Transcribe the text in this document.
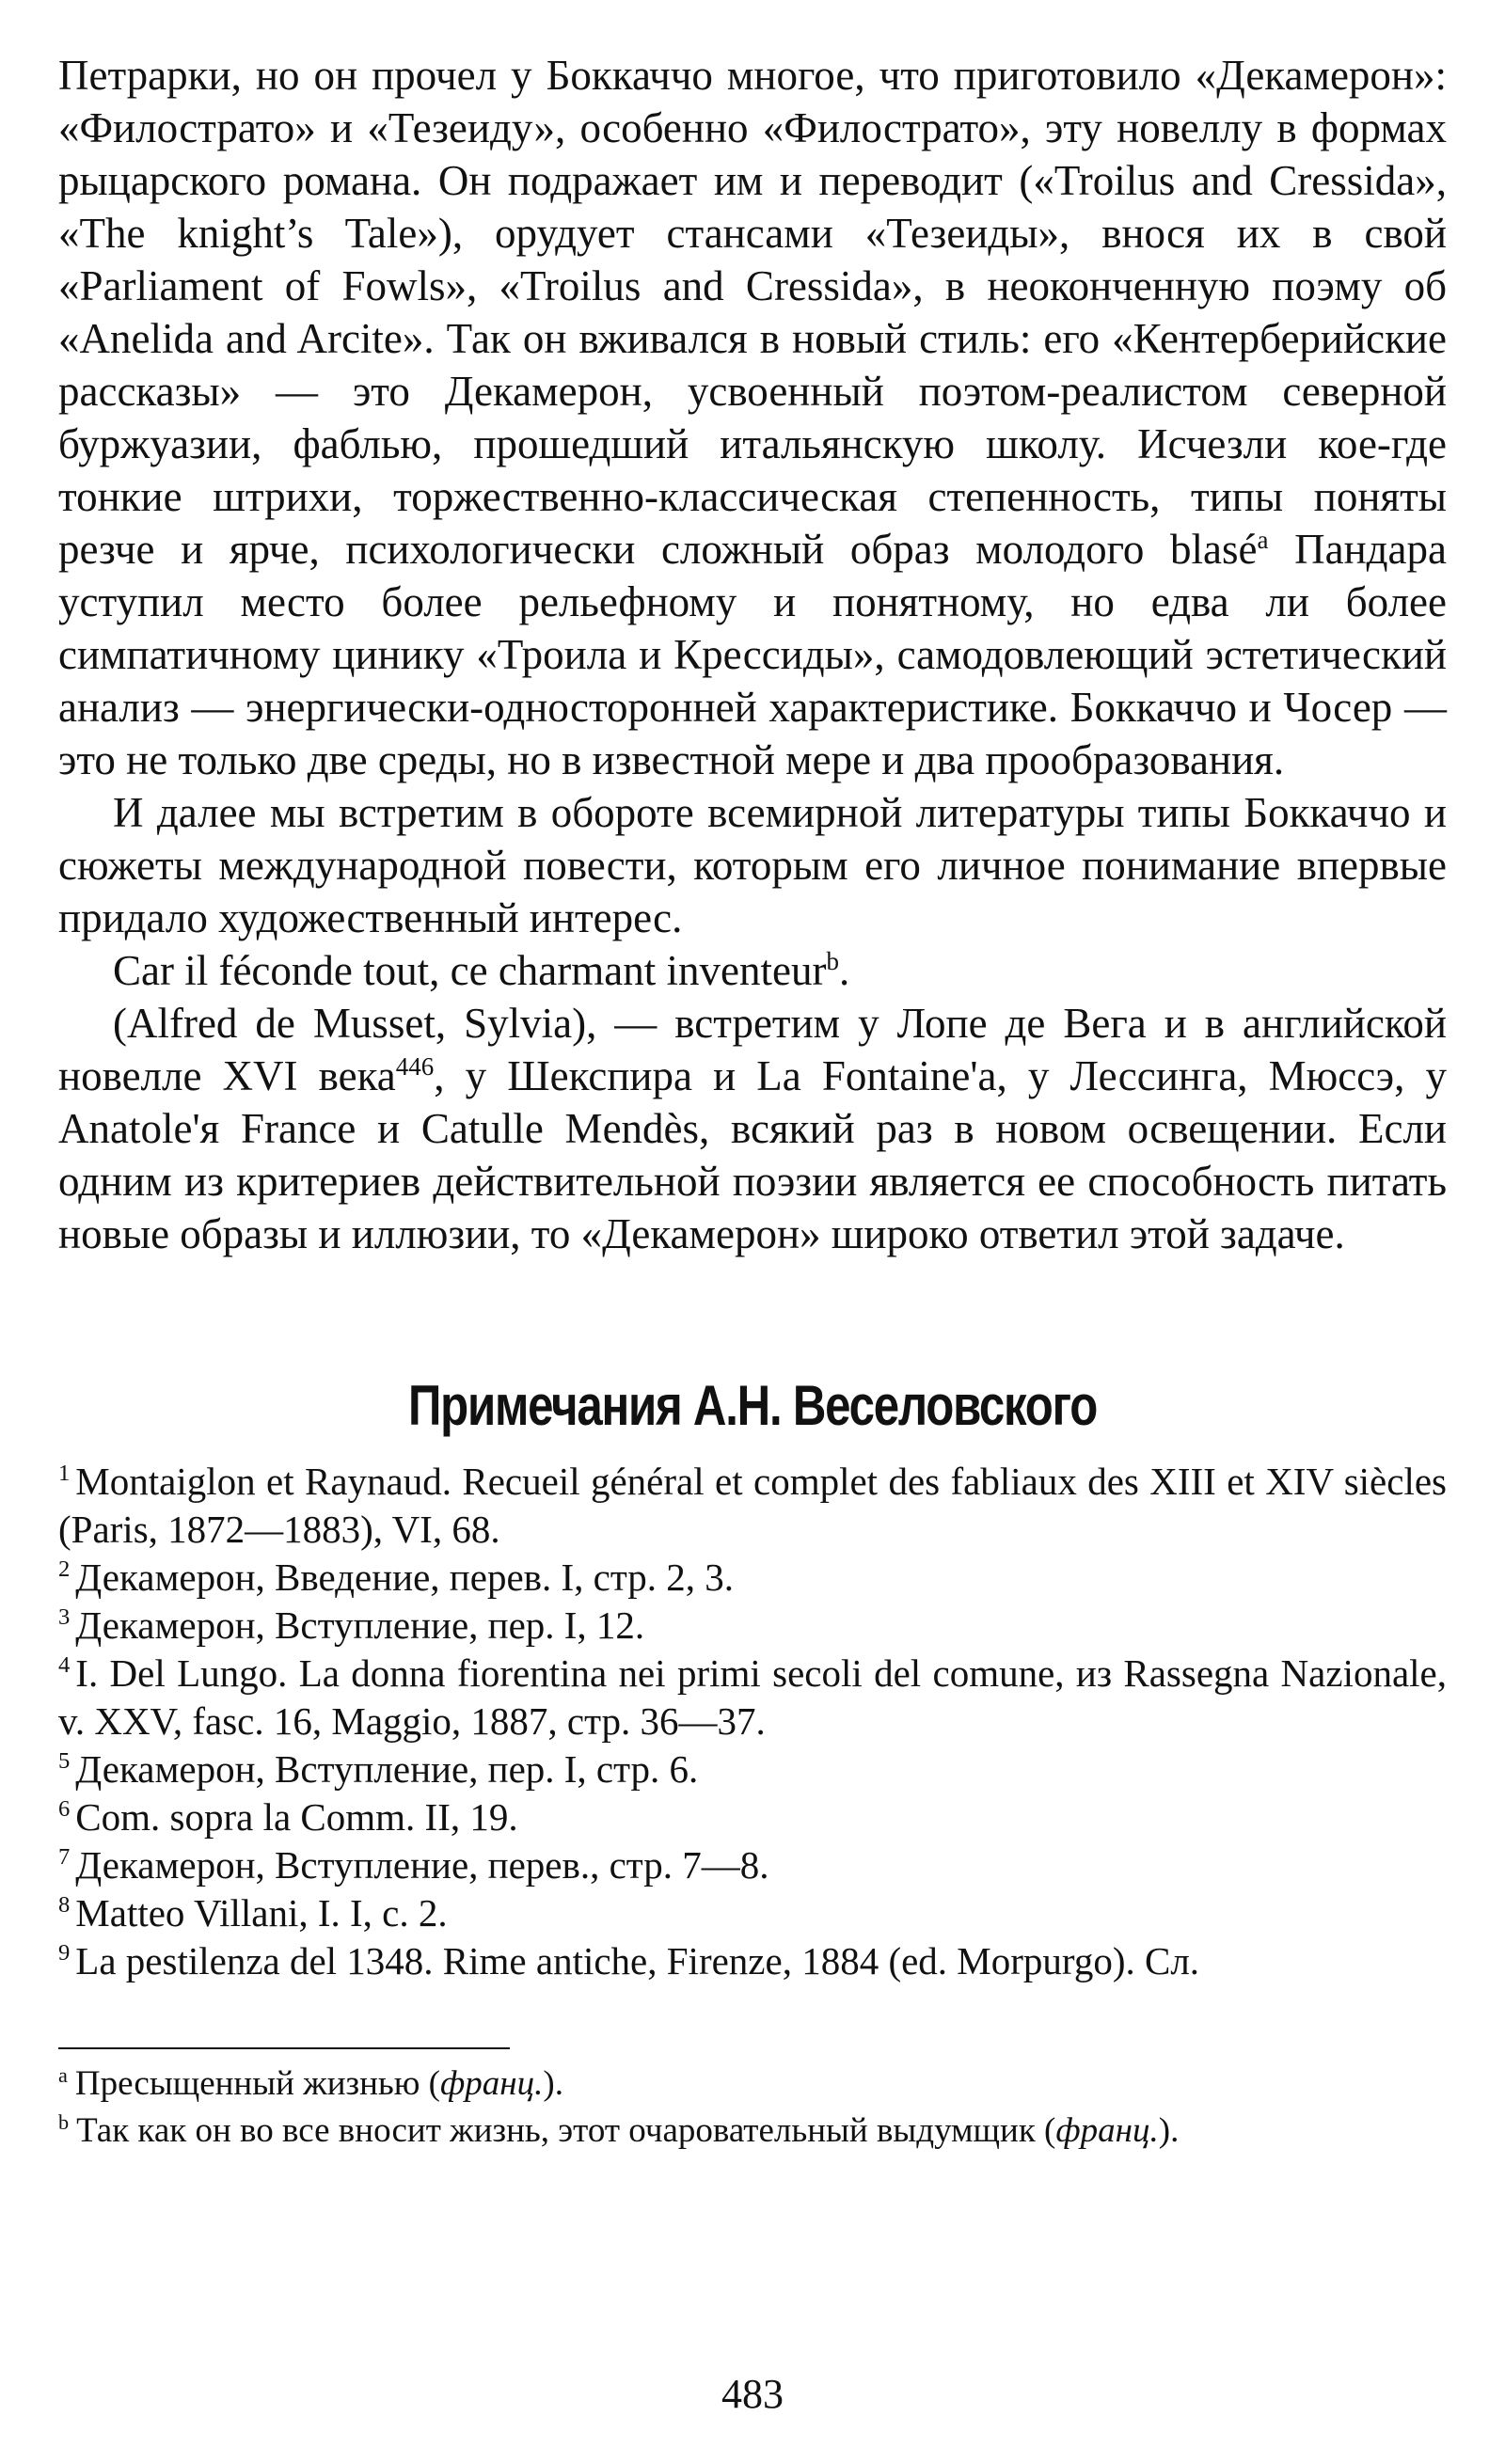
Петрарки, но он прочел у Боккаччо многое, что приготовило «Декамерон»: «Филострато» и «Тезеиду», особенно «Филострато», эту новеллу в формах рыцарского романа. Он подражает им и переводит («Troilus and Cressida», «The knight’s Tale»), орудует стансами «Тезеиды», внося их в свой «Parliament of Fowls», «Troilus and Cressida», в неоконченную поэму об «Anelida and Arcite». Так он вживался в новый стиль: его «Кентерберийские рассказы» — это Декамерон, усвоенный поэтом-реалистом северной буржуазии, фаблью, прошедший итальянскую школу. Исчезли кое-где тонкие штрихи, торжественно-классическая степенность, типы поняты резче и ярче, психологически сложный образ молодого blasé$^a$ Пандара уступил место более рельефному и понятному, но едва ли более симпатичному цинику «Троила и Крессиды», самодовлеющий эстетический анализ — энергически-односторонней характеристике. Боккаччо и Чосер — это не только две среды, но в известной мере и два прообразования.

И далее мы встретим в обороте всемирной литературы типы Боккаччо и сюжеты международной повести, которым его личное понимание впервые придало художественный интерес.

Car il féconde tout, ce charmant inventeur$^b$.

(Alfred de Musset, Sylvia), — встретим у Лопе де Вега и в английской новелле XVI века$^{446}$, у Шекспира и La Fontaine'a, у Лессинга, Мюссэ, у Anatole'я France и Catulle Mendès, всякий раз в новом освещении. Если одним из критериев действительной поэзии является ее способность питать новые образы и иллюзии, то «Декамерон» широко ответил этой задаче.

Примечания А.Н. Веселовского

$^1$ Montaiglon et Raynaud. Recueil général et complet des fabliaux des XIII et XIV siècles (Paris, 1872—1883), VI, 68.

$^2$ Декамерон, Введение, перев. I, стр. 2, 3.

$^3$ Декамерон, Вступление, пер. I, 12.

$^4$ I. Del Lungo. La donna fiorentina nei primi secoli del comune, из Rassegna Nazionale, v. XXV, fasc. 16, Maggio, 1887, стр. 36—37.

$^5$ Декамерон, Вступление, пер. I, стр. 6.

$^6$ Com. sopra la Comm. II, 19.

$^7$ Декамерон, Вступление, перев., стр. 7—8.

$^8$ Matteo Villani, I. I, c. 2.

$^9$ La pestilenza del 1348. Rime antiche, Firenze, 1884 (ed. Morpurgo). Сл.

$^a$ Пресыщенный жизнью (франц.).

$^b$ Так как он во все вносит жизнь, этот очаровательный выдумщик (франц.).

483
